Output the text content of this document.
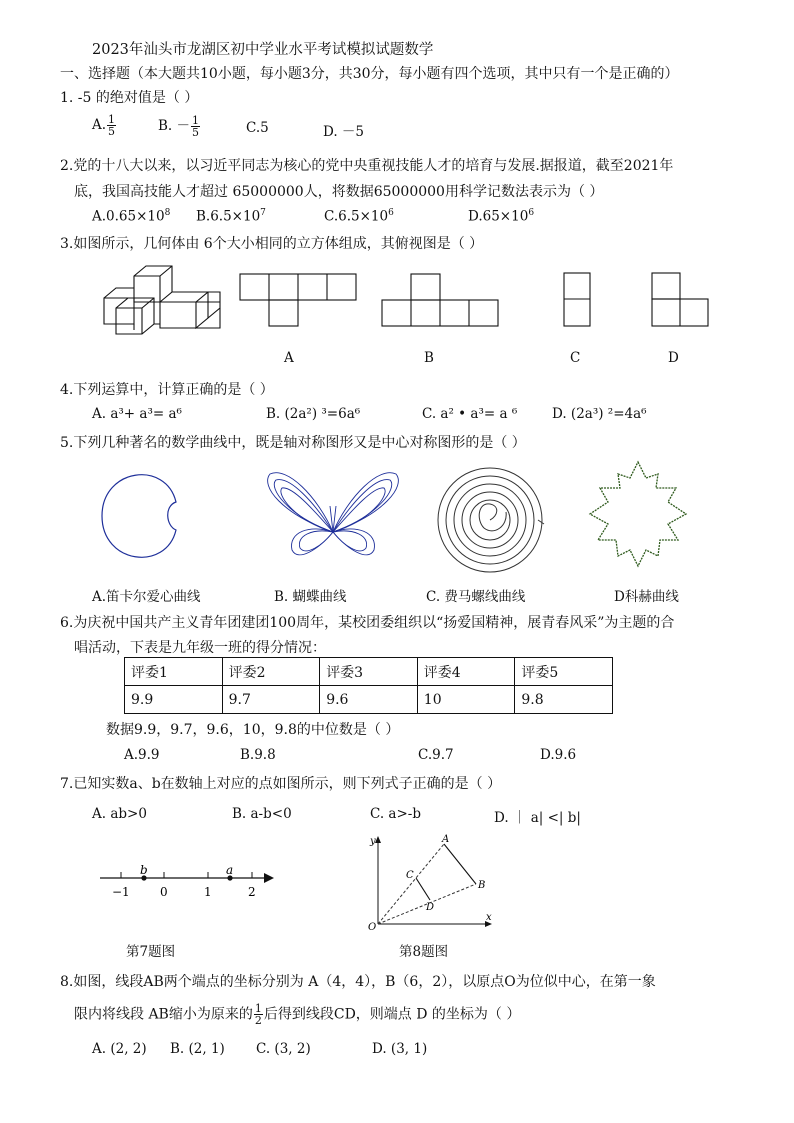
2023年汕头市龙湖区初中学业水平考试模拟试题数学
一、选择题（本大题共10小题，每小题3分，共30分，每小题有四个选项，其中只有一个是正确的）
1. -5 的绝对值是（ ）
A. $\frac{1}{5}$	B. － $\frac{1}{5}$	C.5	D. －5
2.党的十八大以来，以习近平同志为核心的党中央重视技能人才的培育与发展.据报道，截至2021年
底，我国高技能人才超过 65000000人，将数据65000000用科学记数法表示为（ ）
$A.0.65\times 10^8$ $B.6.5\times 10^7$	$C.6.5\times 10^6$	$D.65\times 10^6$
3.如图所示，几何体由 6个大小相同的立方体组成，其俯视图是（ ）
A	B	C	D
4.下列运算中，计算正确的是（ ）
A. a³+ a³= a⁶	B. (2a²) ³=6a⁶	C. a² • a³= a ⁶	D. (2a³) ²=4a⁶
5.下列几种著名的数学曲线中，既是轴对称图形又是中心对称图形的是（ ）
A.笛卡尔爱心曲线	B. 蝴蝶曲线	C. 费马螺线曲线	D科赫曲线
6.为庆祝中国共产主义青年团建团100周年，某校团委组织以“扬爱国精神，展青春风采”为主题的合
唱活动，下表是九年级一班的得分情况：
评委1	评委2	评委3	评委4	评委5
9.9	9.7	9.6	10	9.8
数据9.9，9.7，9.6，10，9.8的中位数是（ ）
A.9.9	B.9.8	C.9.7	D.9.6
7.已知实数a、b在数轴上对应的点如图所示，则下列式子正确的是（ ）
A. ab>0	B. a-b<0	C. a>-b	D. ｜ a| <| b|
b	a
−1	0	1	2
第7题图
y
x
O
A
B
C
D
第8题图
8.如图，线段AB两个端点的坐标分别为 A（4，4），B（6，2），以原点O为位似中心，在第一象
限内将线段 AB缩小为原来的 $\frac{1}{2}$ 后得到线段CD，则端点 D 的坐标为（ ）
A. (2, 2) B. (2, 1) C. (3, 2)	D. (3, 1)
